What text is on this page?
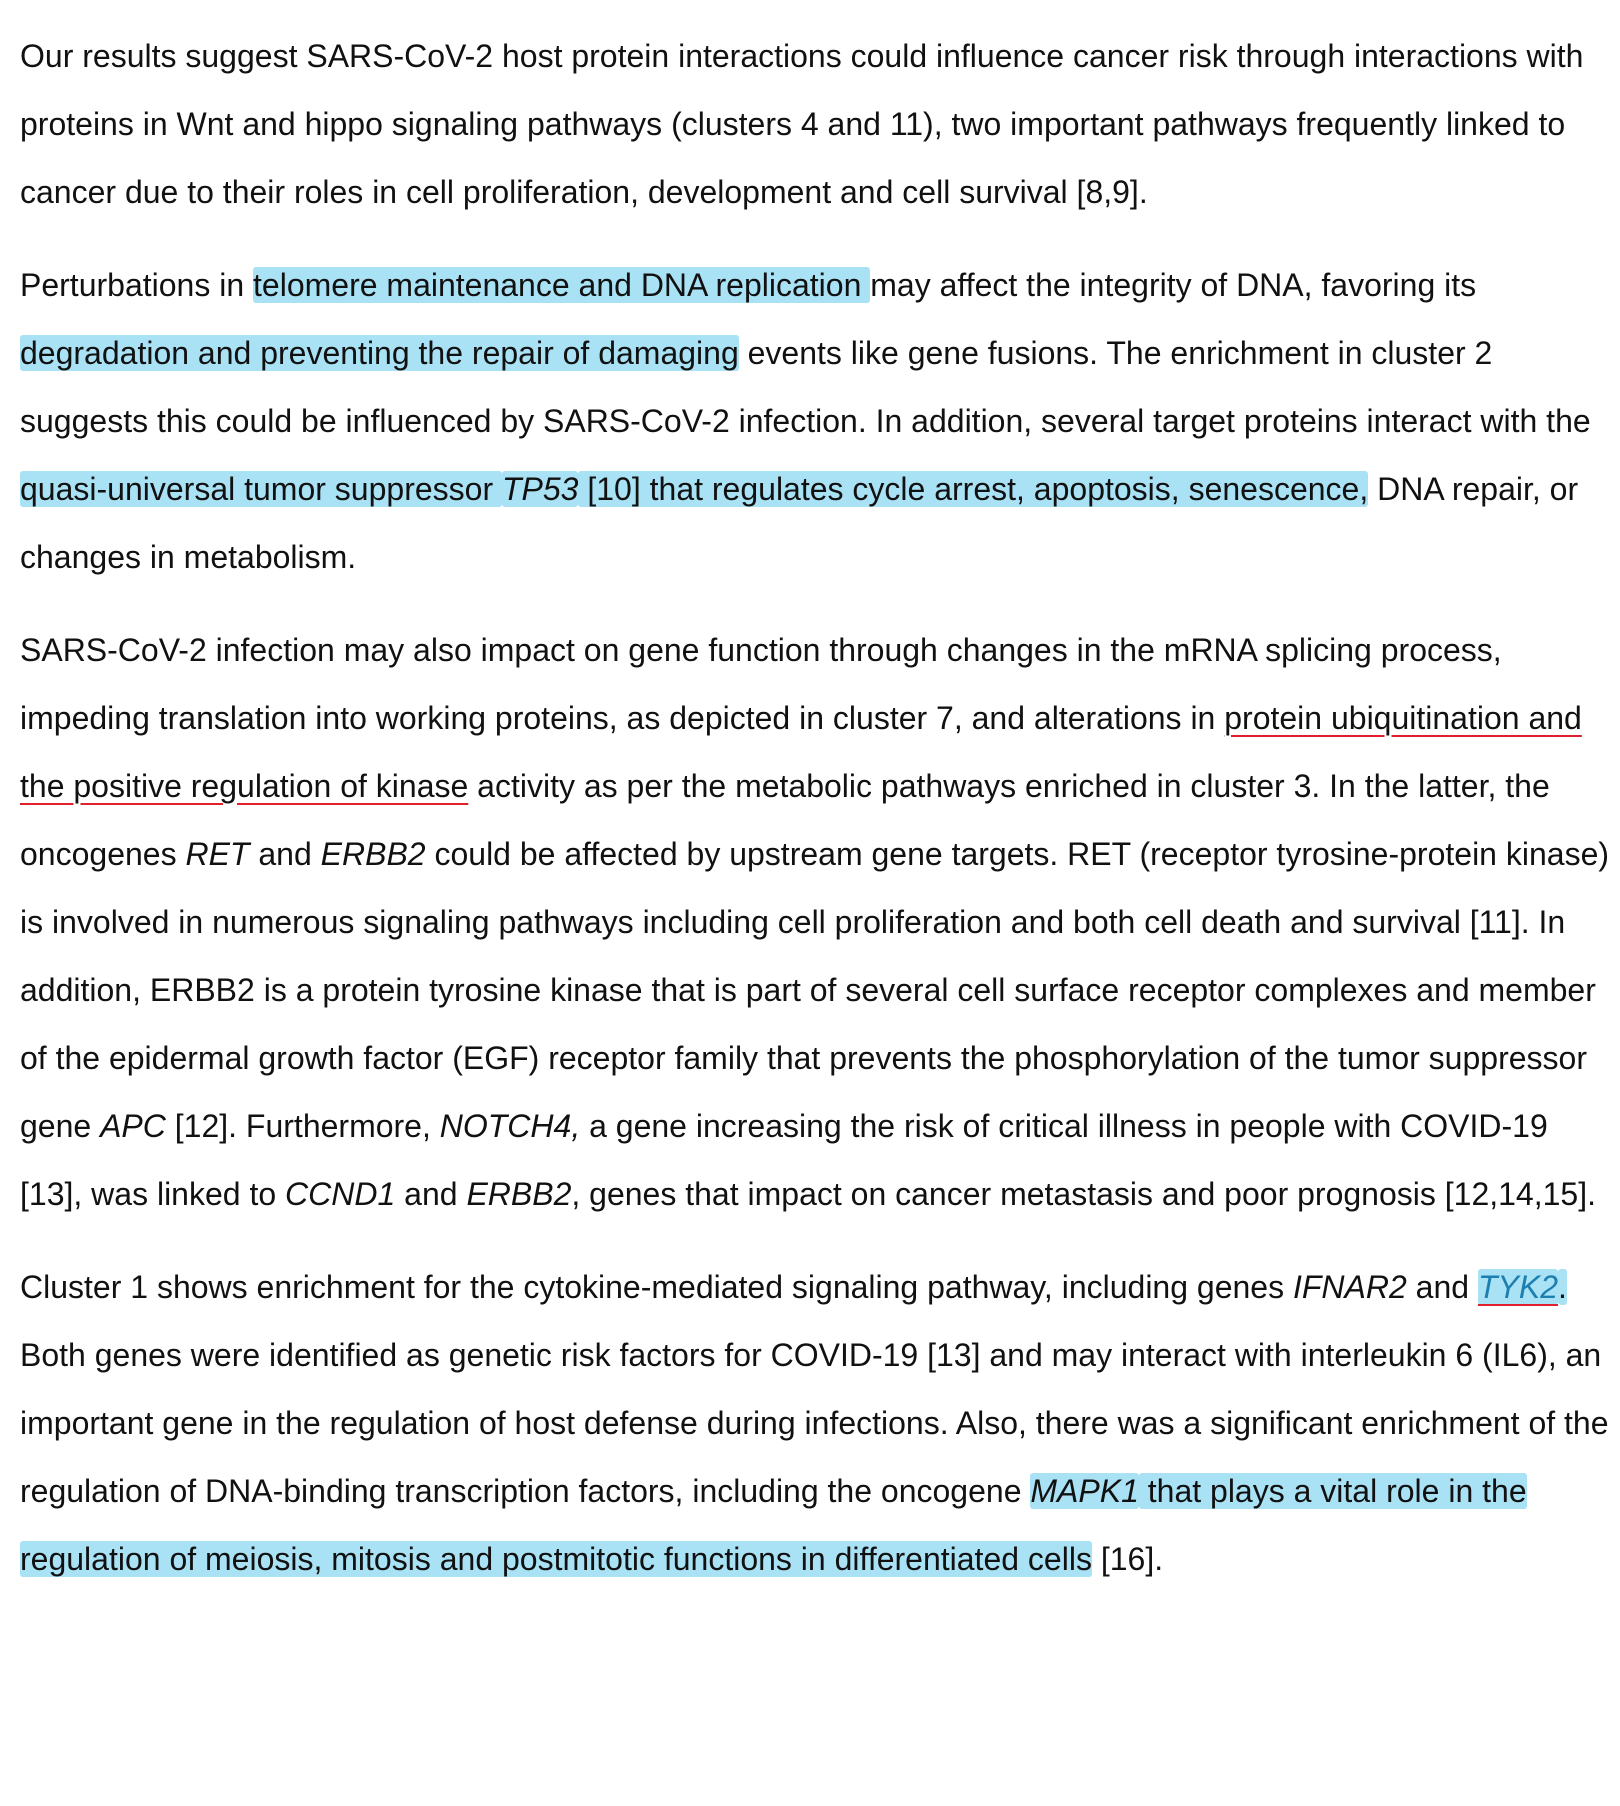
Our results suggest SARS-CoV-2 host protein interactions could influence cancer risk through interactions with proteins in Wnt and hippo signaling pathways (clusters 4 and 11), two important pathways frequently linked to cancer due to their roles in cell proliferation, development and cell survival [8,9].

Perturbations in telomere maintenance and DNA replication may affect the integrity of DNA, favoring its degradation and preventing the repair of damaging events like gene fusions. The enrichment in cluster 2 suggests this could be influenced by SARS-CoV-2 infection. In addition, several target proteins interact with the quasi-universal tumor suppressor TP53 [10] that regulates cycle arrest, apoptosis, senescence, DNA repair, or changes in metabolism.

SARS-CoV-2 infection may also impact on gene function through changes in the mRNA splicing process, impeding translation into working proteins, as depicted in cluster 7, and alterations in protein ubiquitination and the positive regulation of kinase activity as per the metabolic pathways enriched in cluster 3. In the latter, the oncogenes RET and ERBB2 could be affected by upstream gene targets. RET (receptor tyrosine-protein kinase) is involved in numerous signaling pathways including cell proliferation and both cell death and survival [11]. In addition, ERBB2 is a protein tyrosine kinase that is part of several cell surface receptor complexes and member of the epidermal growth factor (EGF) receptor family that prevents the phosphorylation of the tumor suppressor gene APC [12]. Furthermore, NOTCH4, a gene increasing the risk of critical illness in people with COVID-19 [13], was linked to CCND1 and ERBB2, genes that impact on cancer metastasis and poor prognosis [12,14,15].

Cluster 1 shows enrichment for the cytokine-mediated signaling pathway, including genes IFNAR2 and TYK2. Both genes were identified as genetic risk factors for COVID-19 [13] and may interact with interleukin 6 (IL6), an important gene in the regulation of host defense during infections. Also, there was a significant enrichment of the regulation of DNA-binding transcription factors, including the oncogene MAPK1 that plays a vital role in the regulation of meiosis, mitosis and postmitotic functions in differentiated cells [16].
